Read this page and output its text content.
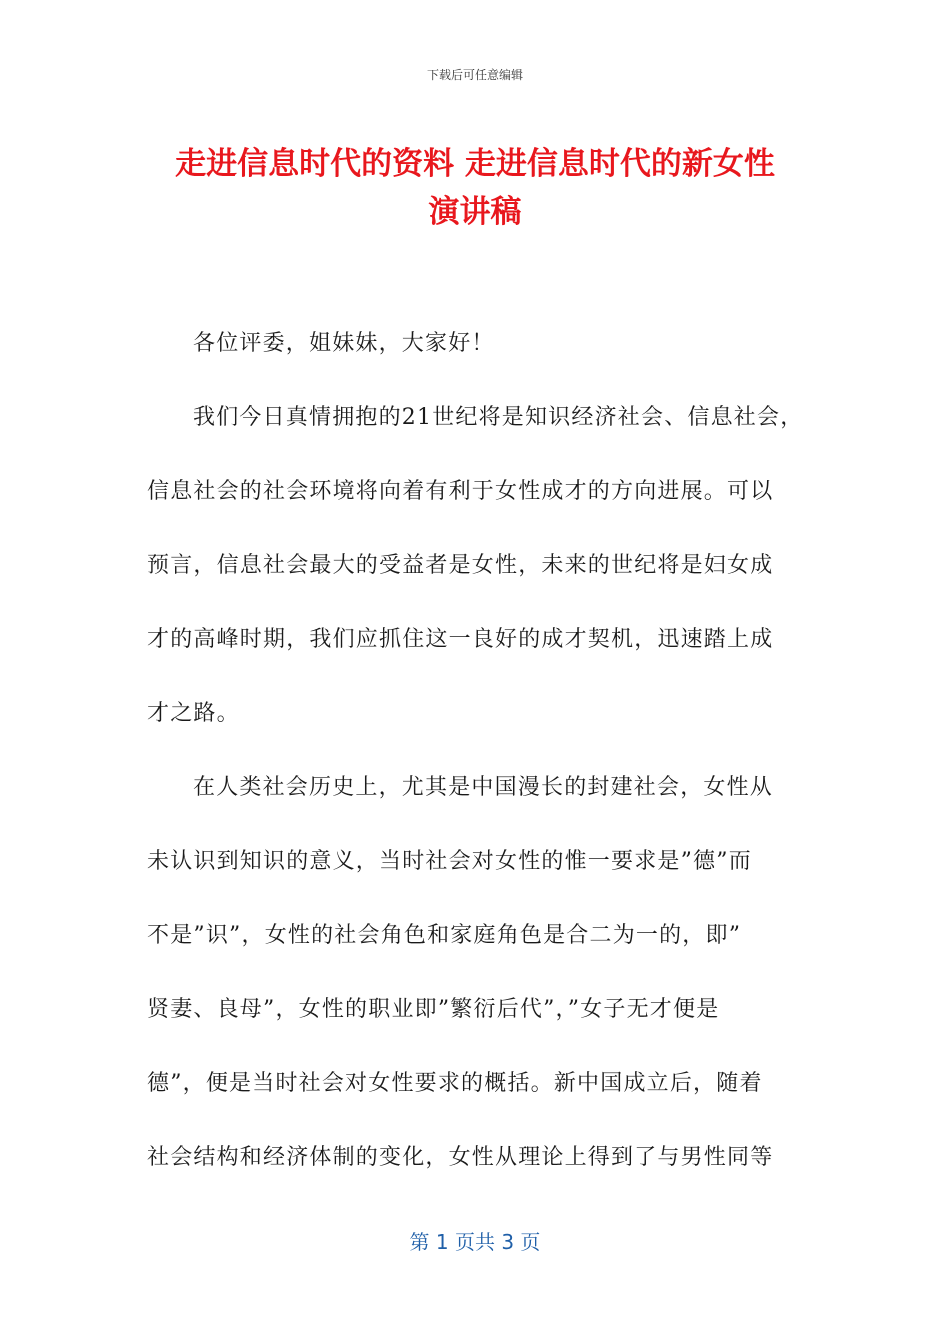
下载后可任意编辑
走进信息时代的资料 走进信息时代的新女性
演讲稿
各位评委，姐妹妹，大家好！
我们今日真情拥抱的21世纪将是知识经济社会、信息社会，
信息社会的社会环境将向着有利于女性成才的方向进展。可以
预言，信息社会最大的受益者是女性，未来的世纪将是妇女成
才的高峰时期，我们应抓住这一良好的成才契机，迅速踏上成
才之路。
在人类社会历史上，尤其是中国漫长的封建社会，女性从
未认识到知识的意义，当时社会对女性的惟一要求是”德”而
不是”识”，女性的社会角色和家庭角色是合二为一的，即”
贤妻、良母”，女性的职业即”繁衍后代”，”女子无才便是
德”，便是当时社会对女性要求的概括。新中国成立后，随着
社会结构和经济体制的变化，女性从理论上得到了与男性同等
第 1 页共 3 页
